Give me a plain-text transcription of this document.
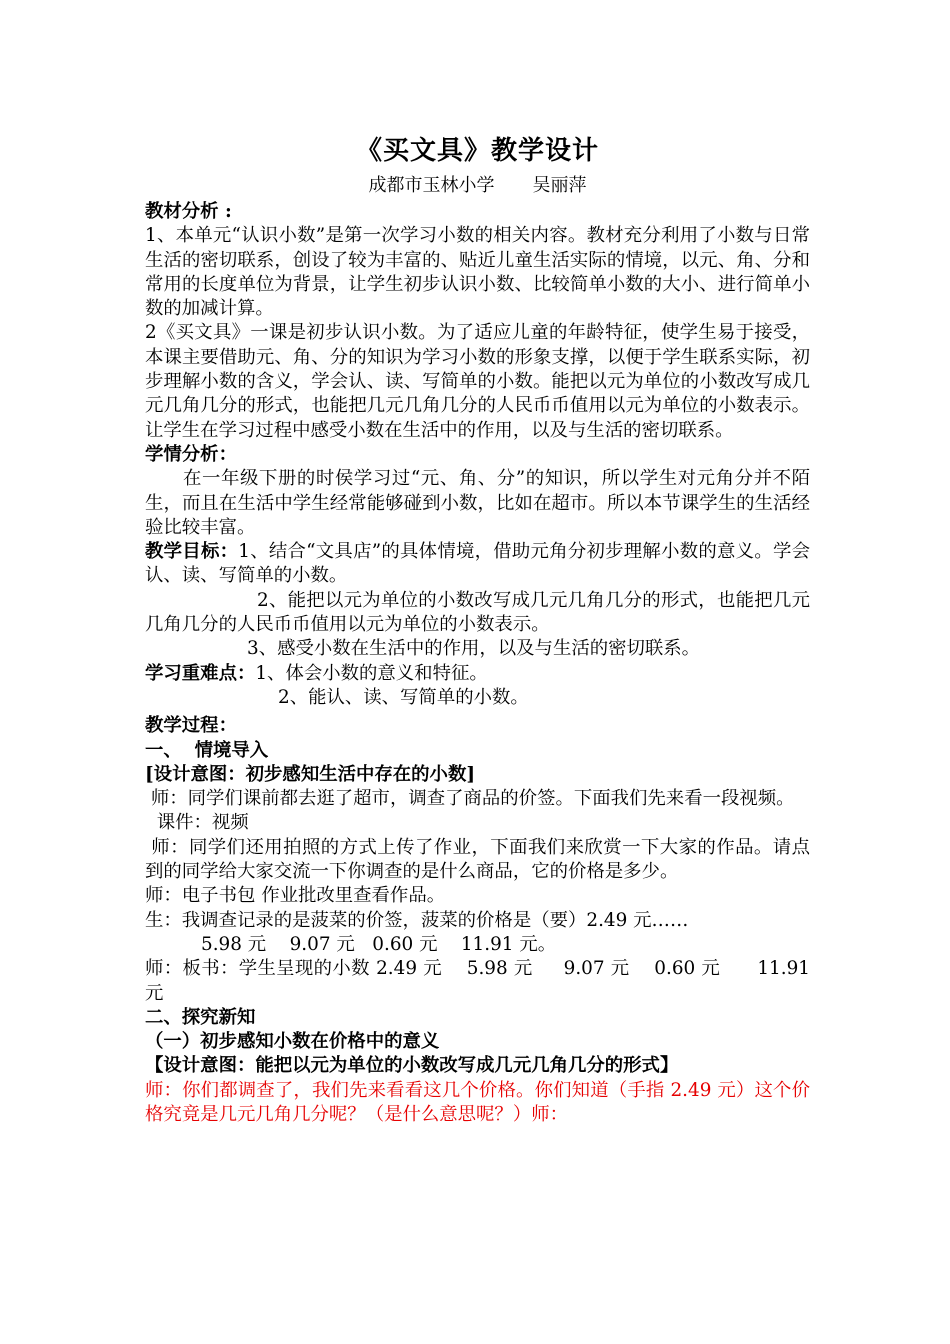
《买文具》教学设计
成都市玉林小学 吴丽萍

教材分析 :

1、本单元“认识小数”是第一次学习小数的相关内容。教材充分利用了小数与日常生活的密切联系，创设了较为丰富的、贴近儿童生活实际的情境，以元、角、分和常用的长度单位为背景，让学生初步认识小数、比较简单小数的大小、进行简单小数的加减计算。

2《买文具》一课是初步认识小数。为了适应儿童的年龄特征，使学生易于接受，本课主要借助元、角、分的知识为学习小数的形象支撑，以便于学生联系实际，初步理解小数的含义，学会认、读、写简单的小数。能把以元为单位的小数改写成几元几角几分的形式，也能把几元几角几分的人民币币值用以元为单位的小数表示。让学生在学习过程中感受小数在生活中的作用，以及与生活的密切联系。

学情分析：

在一年级下册的时侯学习过“元、角、分”的知识，所以学生对元角分并不陌生，而且在生活中学生经常能够碰到小数，比如在超市。所以本节课学生的生活经验比较丰富。

教学目标：1、结合“文具店”的具体情境，借助元角分初步理解小数的意义。学会认、读、写简单的小数。

2、能把以元为单位的小数改写成几元几角几分的形式，也能把几元几角几分的人民币币值用以元为单位的小数表示。

3、感受小数在生活中的作用，以及与生活的密切联系。

学习重难点：1、体会小数的意义和特征。

2、能认、读、写简单的小数。

教学过程：

一、  情境导入

[设计意图：初步感知生活中存在的小数]

师：同学们课前都去逛了超市，调查了商品的价签。下面我们先来看一段视频。

课件：视频

师：同学们还用拍照的方式上传了作业，下面我们来欣赏一下大家的作品。请点到的同学给大家交流一下你调查的是什么商品，它的价格是多少。

师：电子书包 作业批改里查看作品。

生：我调查记录的是菠菜的价签，菠菜的价格是（要）2.49 元……

5.98 元    9.07 元   0.60 元    11.91 元。

师：板书：学生呈现的小数 2.49 元    5.98 元     9.07 元    0.60 元      11.91 元

二、探究新知

（一）初步感知小数在价格中的意义

【设计意图：能把以元为单位的小数改写成几元几角几分的形式】

师：你们都调查了，我们先来看看这几个价格。你们知道（手指 2.49 元）这个价格究竟是几元几角几分呢？（是什么意思呢？）师：
